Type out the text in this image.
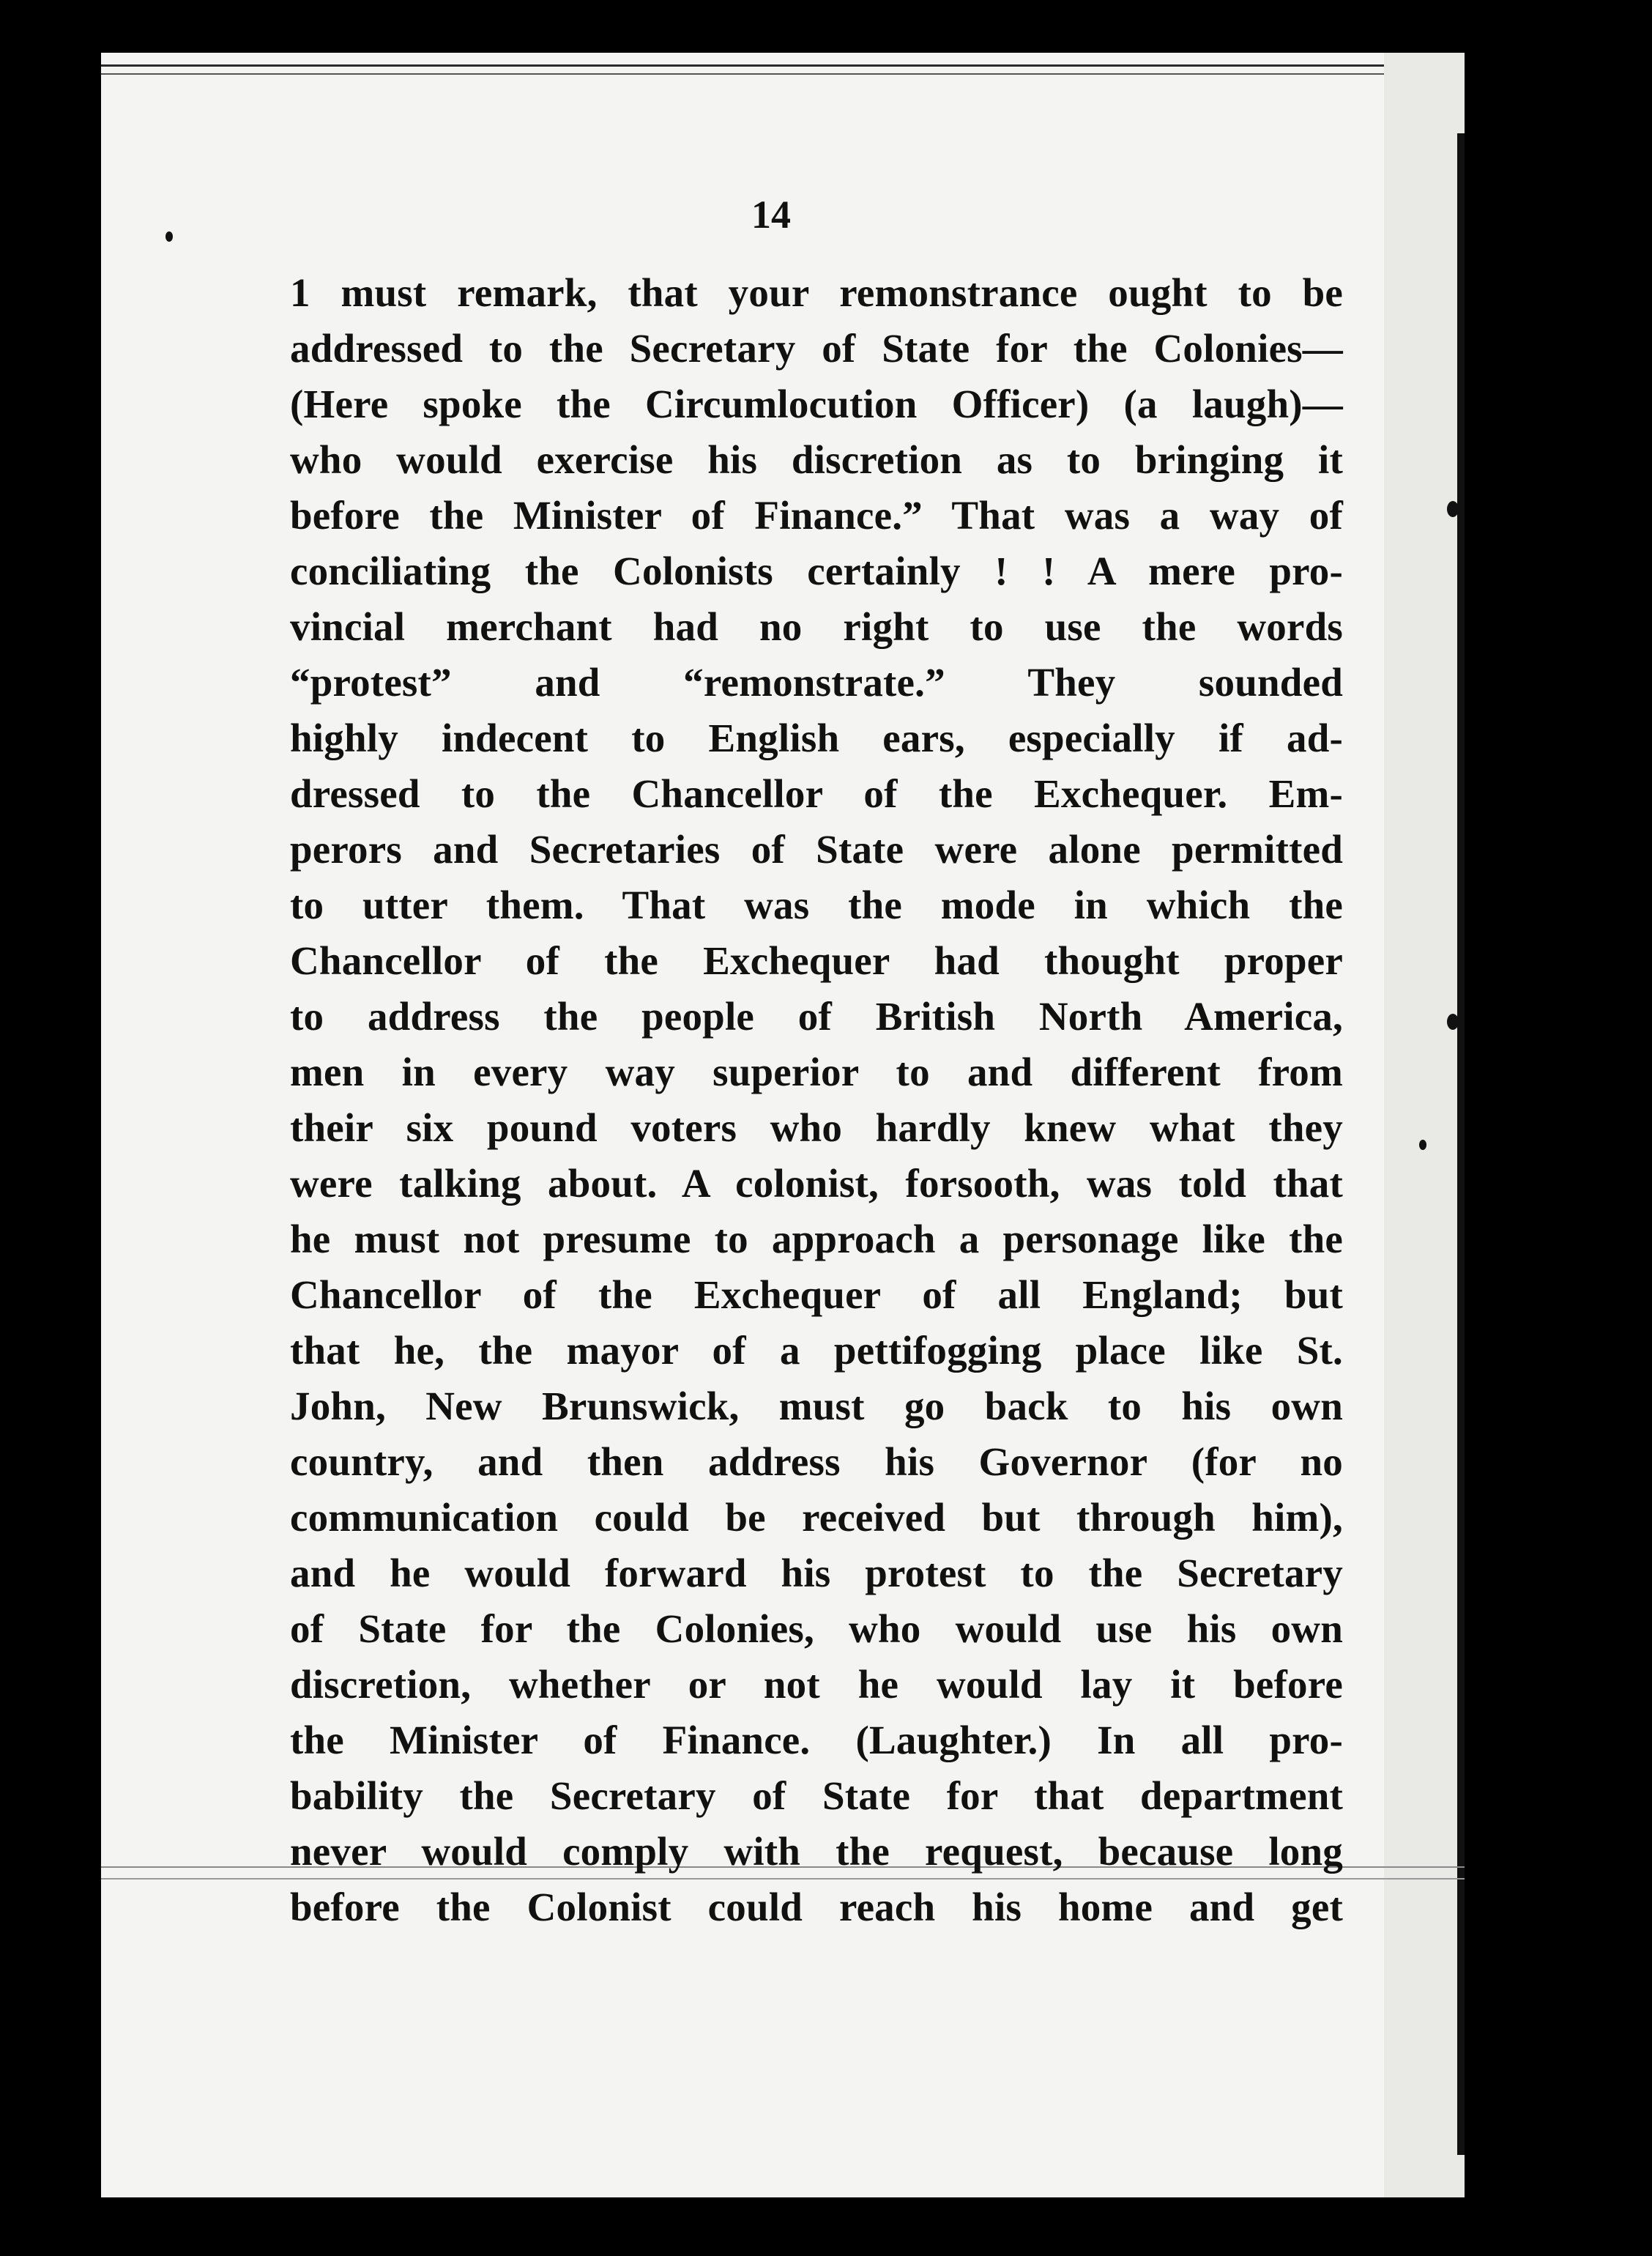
14
1 must remark, that your remonstrance ought to be
addressed to the Secretary of State for the Colonies—
(Here spoke the Circumlocution Officer) (a laugh)—
who would exercise his discretion as to bringing it
before the Minister of Finance.” That was a way of
conciliating the Colonists certainly ! ! A mere pro-
vincial merchant had no right to use the words
“protest” and “remonstrate.” They sounded
highly indecent to English ears, especially if ad-
dressed to the Chancellor of the Exchequer. Em-
perors and Secretaries of State were alone permitted
to utter them. That was the mode in which the
Chancellor of the Exchequer had thought proper
to address the people of British North America,
men in every way superior to and different from
their six pound voters who hardly knew what they
were talking about. A colonist, forsooth, was told that
he must not presume to approach a personage like the
Chancellor of the Exchequer of all England; but
that he, the mayor of a pettifogging place like St.
John, New Brunswick, must go back to his own
country, and then address his Governor (for no
communication could be received but through him),
and he would forward his protest to the Secretary
of State for the Colonies, who would use his own
discretion, whether or not he would lay it before
the Minister of Finance. (Laughter.) In all pro-
bability the Secretary of State for that department
never would comply with the request, because long
before the Colonist could reach his home and get
